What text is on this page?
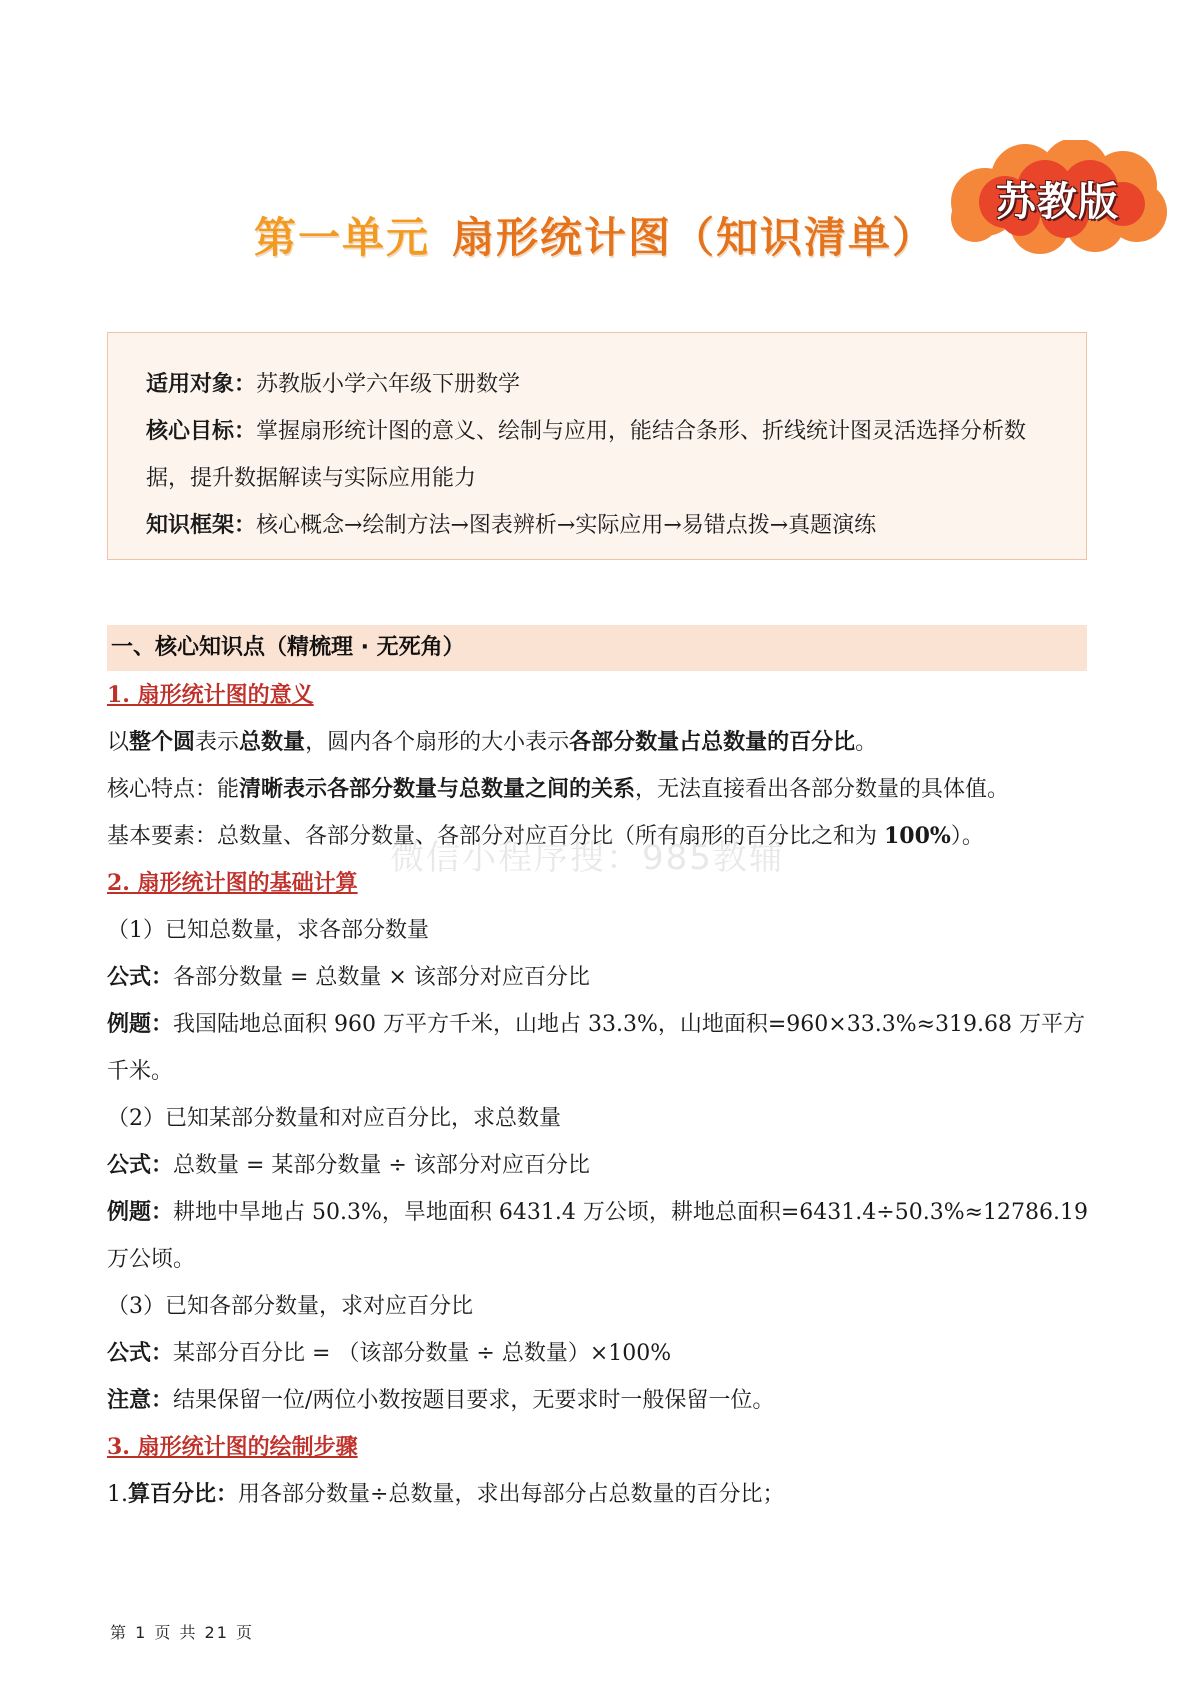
第一单元 扇形统计图（知识清单）
苏教版

适用对象：苏教版小学六年级下册数学

核心目标：掌握扇形统计图的意义、绘制与应用，能结合条形、折线统计图灵活选择分析数据，提升数据解读与实际应用能力

知识框架：核心概念→绘制方法→图表辨析→实际应用→易错点拨→真题演练

一、核心知识点（精梳理 · 无死角）

1. 扇形统计图的意义

以整个圆表示总数量，圆内各个扇形的大小表示各部分数量占总数量的百分比。

核心特点：能清晰表示各部分数量与总数量之间的关系，无法直接看出各部分数量的具体值。

基本要素：总数量、各部分数量、各部分对应百分比（所有扇形的百分比之和为 100%）。

2. 扇形统计图的基础计算

（1）已知总数量，求各部分数量

公式：各部分数量 = 总数量 × 该部分对应百分比

例题：我国陆地总面积 960 万平方千米，山地占 33.3%，山地面积=960×33.3%≈319.68 万平方千米。

（2）已知某部分数量和对应百分比，求总数量

公式：总数量 = 某部分数量 ÷ 该部分对应百分比

例题：耕地中旱地占 50.3%，旱地面积 6431.4 万公顷，耕地总面积=6431.4÷50.3%≈12786.19 万公顷。

（3）已知各部分数量，求对应百分比

公式：某部分百分比 = （该部分数量 ÷ 总数量）×100%

注意：结果保留一位/两位小数按题目要求，无要求时一般保留一位。

3. 扇形统计图的绘制步骤

1.算百分比：用各部分数量÷总数量，求出每部分占总数量的百分比；

微信小程序搜：985教辅
第 1 页 共 21 页
